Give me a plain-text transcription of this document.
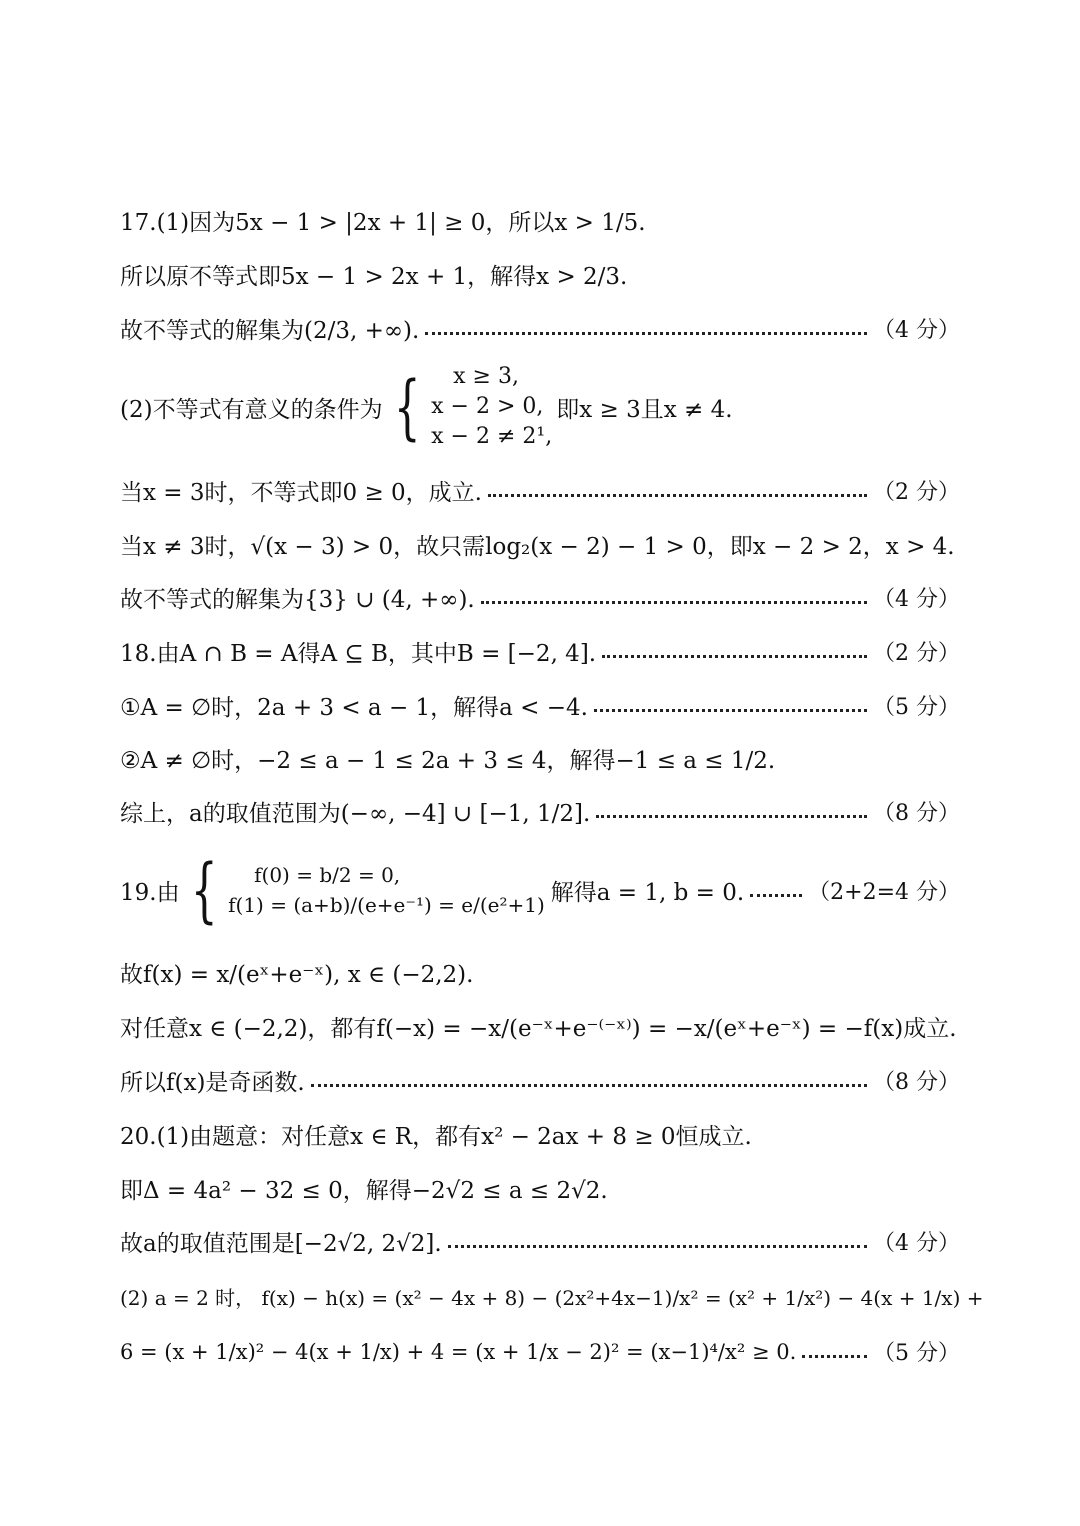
17.(1)因为5x − 1 > |2x + 1| ≥ 0，所以x > 1/5.
所以原不等式即5x − 1 > 2x + 1，解得x > 2/3.
故不等式的解集为(2/3, +∞).	（4 分）
(2)不等式有意义的条件为 {	x ≥ 3,
x − 2 > 0,
x − 2 ≠ 2¹,
即x ≥ 3且x ≠ 4.
当x = 3时，不等式即0 ≥ 0，成立.	（2 分）
当x ≠ 3时，√(x − 3) > 0，故只需log₂(x − 2) − 1 > 0，即x − 2 > 2，x > 4.
故不等式的解集为{3} ∪ (4, +∞).	（4 分）
18.由A ∩ B = A得A ⊆ B，其中B = [−2, 4].	（2 分）
①A = ∅时，2a + 3 < a − 1，解得a < −4.	（5 分）
②A ≠ ∅时，−2 ≤ a − 1 ≤ 2a + 3 ≤ 4，解得−1 ≤ a ≤ 1/2.
综上，a的取值范围为(−∞, −4] ∪ [−1, 1/2].	（8 分）
19.由 {	f(0) = b/2 = 0,
f(1) = (a+b)/(e+e⁻¹) = e/(e²+1) 解得a = 1, b = 0.	（2+2=4 分）
故f(x) = x/(eˣ+e⁻ˣ), x ∈ (−2,2).
对任意x ∈ (−2,2)，都有f(−x) = −x/(e⁻ˣ+e⁻⁽⁻ˣ⁾) = −x/(eˣ+e⁻ˣ) = −f(x)成立.
所以f(x)是奇函数.	（8 分）
20.(1)由题意：对任意x ∈ R，都有x² − 2ax + 8 ≥ 0恒成立.
即Δ = 4a² − 32 ≤ 0，解得−2√2 ≤ a ≤ 2√2.
故a的取值范围是[−2√2, 2√2].	（4 分）
(2) a = 2 时， f(x) − h(x) = (x² − 4x + 8) − (2x²+4x−1)/x² = (x² + 1/x²) − 4(x + 1/x) +
6 = (x + 1/x)² − 4(x + 1/x) + 4 = (x + 1/x − 2)² = (x−1)⁴/x² ≥ 0.	（5 分）
